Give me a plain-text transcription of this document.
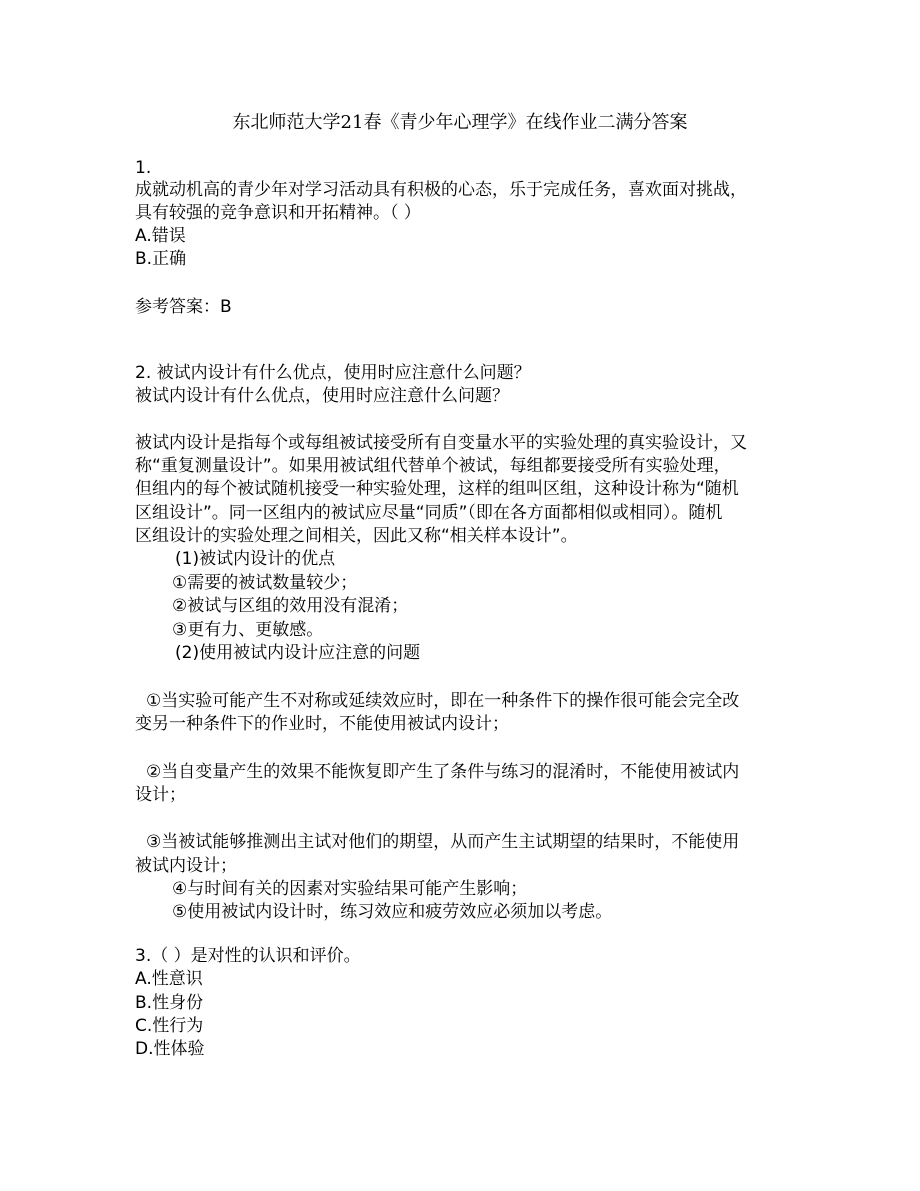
东北师范大学21春《青少年心理学》在线作业二满分答案
1.
成就动机高的青少年对学习活动具有积极的心态，乐于完成任务，喜欢面对挑战，
具有较强的竞争意识和开拓精神。（ ）
A.错误
B.正确
参考答案：B
2. 被试内设计有什么优点，使用时应注意什么问题？
被试内设计有什么优点，使用时应注意什么问题？
被试内设计是指每个或每组被试接受所有自变量水平的实验处理的真实验设计，又
称“重复测量设计”。如果用被试组代替单个被试，每组都要接受所有实验处理，
但组内的每个被试随机接受一种实验处理，这样的组叫区组，这种设计称为“随机
区组设计”。同一区组内的被试应尽量“同质”（即在各方面都相似或相同）。随机
区组设计的实验处理之间相关，因此又称“相关样本设计”。
(1)被试内设计的优点
①需要的被试数量较少；
②被试与区组的效用没有混淆；
③更有力、更敏感。
(2)使用被试内设计应注意的问题
①当实验可能产生不对称或延续效应时，即在一种条件下的操作很可能会完全改
变另一种条件下的作业时，不能使用被试内设计；
②当自变量产生的效果不能恢复即产生了条件与练习的混淆时，不能使用被试内
设计；
③当被试能够推测出主试对他们的期望，从而产生主试期望的结果时，不能使用
被试内设计；
④与时间有关的因素对实验结果可能产生影响；
⑤使用被试内设计时，练习效应和疲劳效应必须加以考虑。
3.（ ）是对性的认识和评价。
A.性意识
B.性身份
C.性行为
D.性体验
